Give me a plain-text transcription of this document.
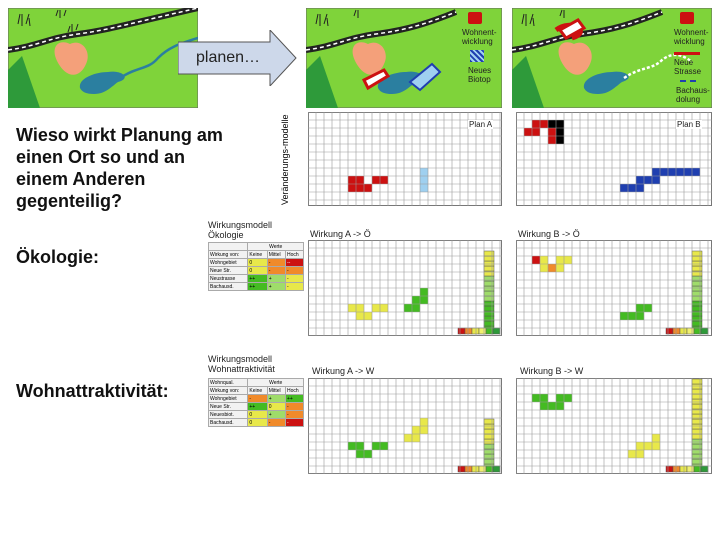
planen…
Wieso wirkt Planung am
einen Ort so und an
einem Anderen
gegenteilig?	Veränderungs-modelle
Wohnent-
wicklung
Neues
Biotop
Wohnent-
wicklung
Neue
Strasse
Bachaus-
dolung
Plan A	Plan B
Wirkung A -> Ö	Wirkung B -> Ö
Wirkung A -> W	Wirkung B -> W
Ökologie:
Wohnattraktivität:
Wirkungsmodell
Ökologie
	Werte		
Wirkung von:	Keine	Mittel	Hoch
Wohngebiet	0	-	--
Neue Str.	0	-	-
Neustrasse	++	+	-
Bachausd.	++	+	-
Wirkungsmodell
Wohnattraktivität
Wohnqual.	Werte		
Wirkung von:	Keine	Mittel	Hoch
Wohngebiet	-	+	++
Neue Str.	++	0	-
Neuesbiot.	0	+	-
Bachausd.	0	-	-
